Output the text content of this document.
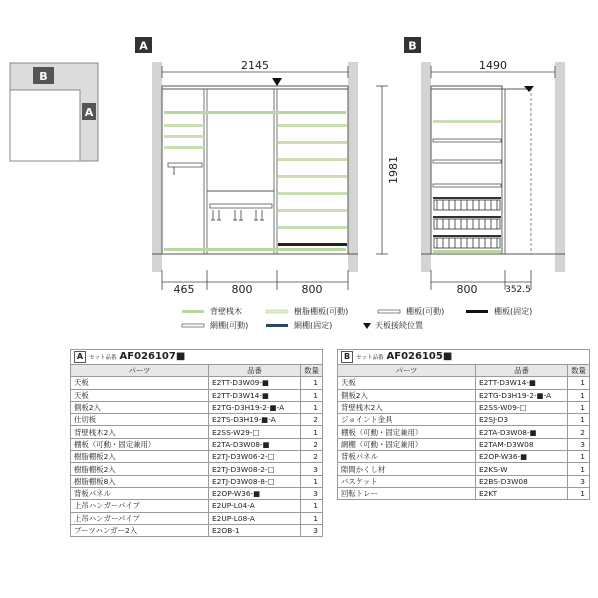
B
A
A	B
2145
1981
465	800	800
1490
800	352.5
背壁桟木	樹脂棚板(可動)	棚板(可動)	棚板(固定)
網棚(可動)	網棚(固定)	天板接続位置
A セット品番 AF026107■		
パーツ	品番	数量
天板	E2TT-D3W09-■	1
天板	E2TT-D3W14-■	1
側板2入	E2TG-D3H19-2-■-A	1
仕切板	E2TS-D3H19-■-A	2
背壁桟木2入	E2SS-W29-□	1
棚板（可動・固定兼用）	E2TA-D3W08-■	2
樹脂棚板2入	E2TJ-D3W06-2-□	2
樹脂棚板2入	E2TJ-D3W08-2-□	3
樹脂棚板8入	E2TJ-D3W08-8-□	1
背板パネル	E2OP-W36-■	3
上吊ハンガーパイプ	E2UP-L04-A	1
上吊ハンガーパイプ	E2UP-L08-A	1
ブーツハンガー2入	E2OB-1	3
B セット品番 AF026105■		
パーツ	品番	数量
天板	E2TT-D3W14-■	1
側板2入	E2TG-D3H19-2-■-A	1
背壁桟木2入	E2SS-W09-□	1
ジョイント金具	E2SJ-D3	1
棚板（可動・固定兼用）	E2TA-D3W08-■	2
網棚（可動・固定兼用）	E2TAM-D3W08	3
背板パネル	E2OP-W36-■	1
隙間かくし材	E2KS-W	1
バスケット	E2BS-D3W08	3
回転トレー	E2KT	1
